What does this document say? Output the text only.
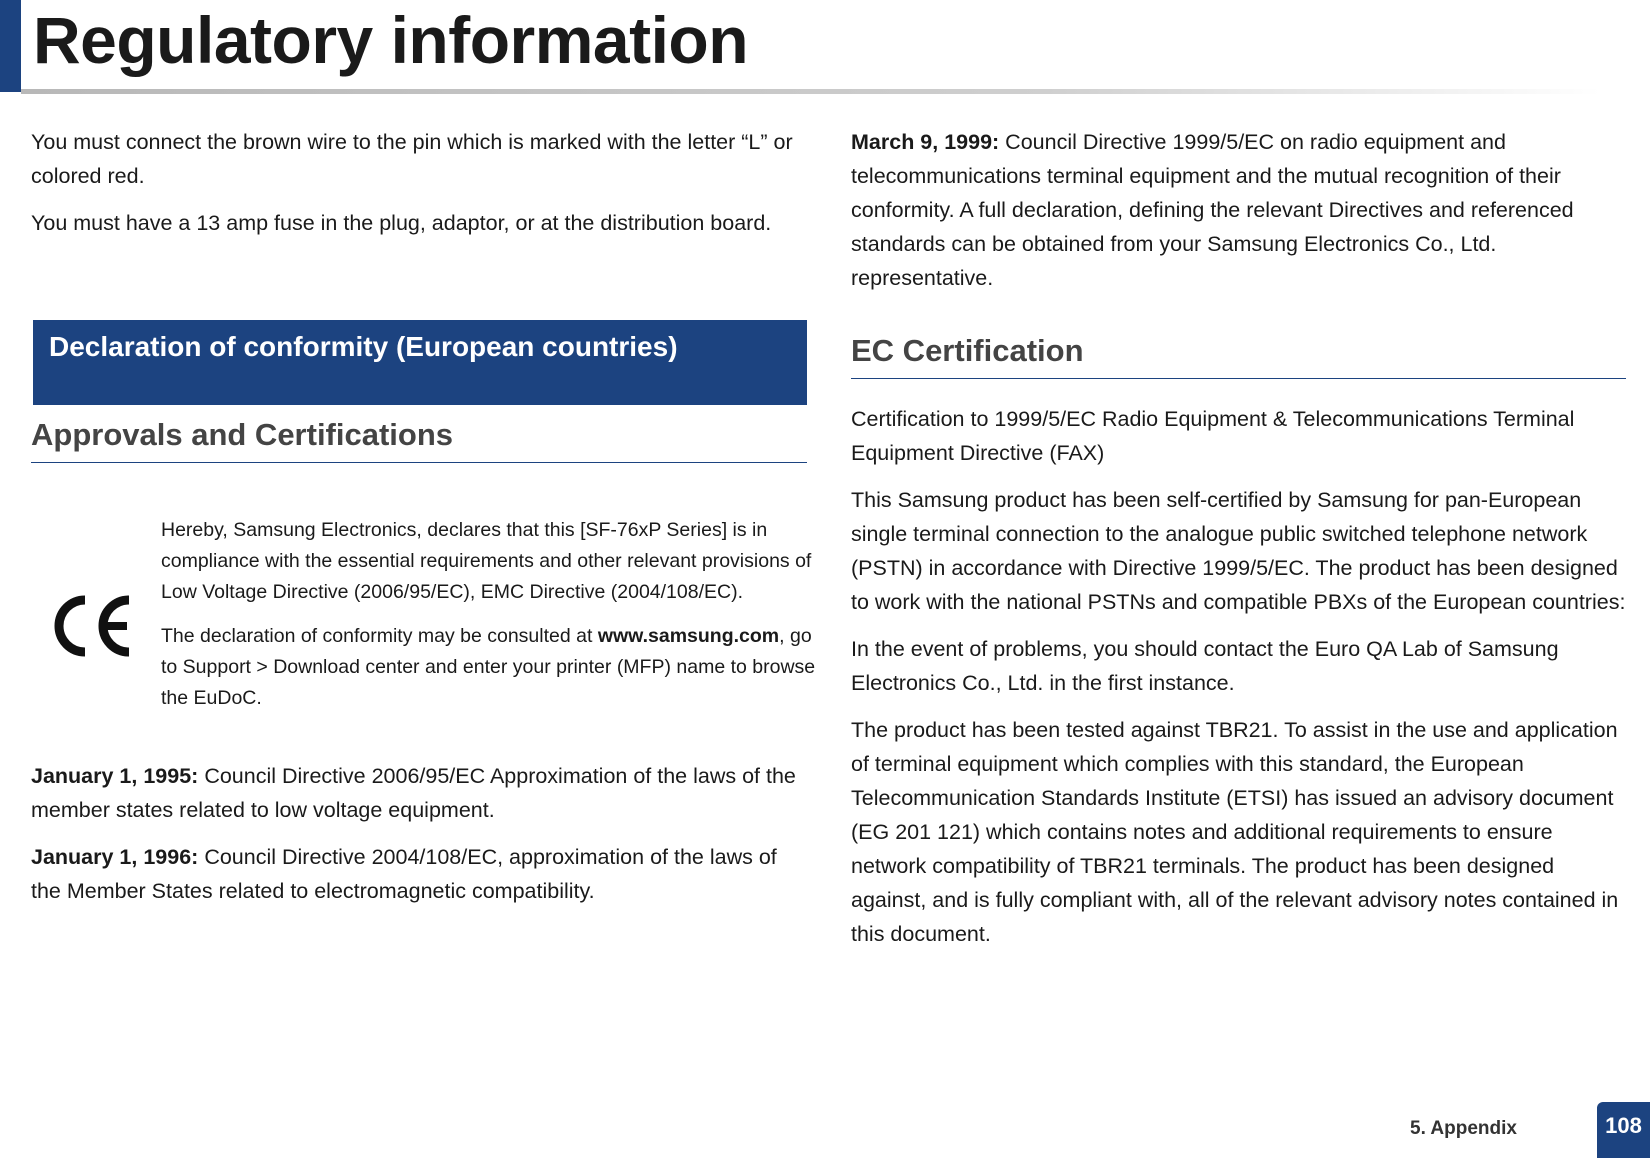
Regulatory information

You must connect the brown wire to the pin which is marked with the letter “L” or colored red.

You must have a 13 amp fuse in the plug, adaptor, or at the distribution board.

Declaration of conformity (European countries)
Approvals and Certifications

Hereby, Samsung Electronics, declares that this [SF-76xP Series] is in compliance with the essential requirements and other relevant provisions of Low Voltage Directive (2006/95/EC), EMC Directive (2004/108/EC).

The declaration of conformity may be consulted at www.samsung.com, go to Support > Download center and enter your printer (MFP) name to browse the EuDoC.

January 1, 1995: Council Directive 2006/95/EC Approximation of the laws of the member states related to low voltage equipment.

January 1, 1996: Council Directive 2004/108/EC, approximation of the laws of the Member States related to electromagnetic compatibility.

March 9, 1999: Council Directive 1999/5/EC on radio equipment and telecommunications terminal equipment and the mutual recognition of their conformity. A full declaration, defining the relevant Directives and referenced standards can be obtained from your Samsung Electronics Co., Ltd. representative.

EC Certification

Certification to 1999/5/EC Radio Equipment & Telecommunications Terminal Equipment Directive (FAX)

This Samsung product has been self-certified by Samsung for pan-European single terminal connection to the analogue public switched telephone network (PSTN) in accordance with Directive 1999/5/EC. The product has been designed to work with the national PSTNs and compatible PBXs of the European countries:

In the event of problems, you should contact the Euro QA Lab of Samsung Electronics Co., Ltd. in the first instance.

The product has been tested against TBR21. To assist in the use and application of terminal equipment which complies with this standard, the European Telecommunication Standards Institute (ETSI) has issued an advisory document (EG 201 121) which contains notes and additional requirements to ensure network compatibility of TBR21 terminals. The product has been designed against, and is fully compliant with, all of the relevant advisory notes contained in this document.

5. Appendix	108
